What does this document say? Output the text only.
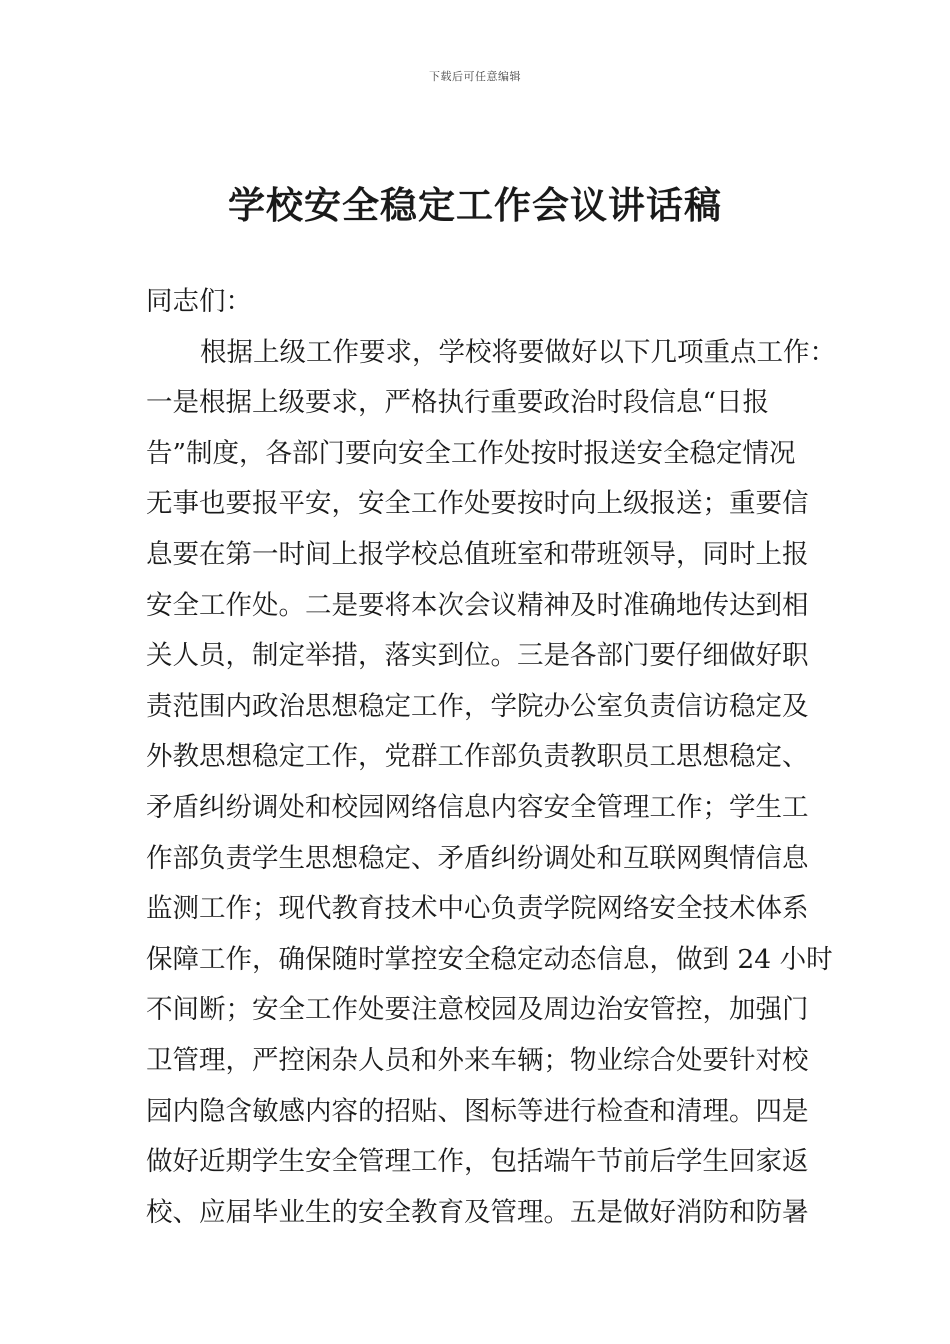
下载后可任意编辑
学校安全稳定工作会议讲话稿
同志们：
根据上级工作要求，学校将要做好以下几项重点工作：
一是根据上级要求，严格执行重要政治时段信息“日报
告”制度，各部门要向安全工作处按时报送安全稳定情况
无事也要报平安，安全工作处要按时向上级报送；重要信
息要在第一时间上报学校总值班室和带班领导，同时上报
安全工作处。二是要将本次会议精神及时准确地传达到相
关人员，制定举措，落实到位。三是各部门要仔细做好职
责范围内政治思想稳定工作，学院办公室负责信访稳定及
外教思想稳定工作，党群工作部负责教职员工思想稳定、
矛盾纠纷调处和校园网络信息内容安全管理工作；学生工
作部负责学生思想稳定、矛盾纠纷调处和互联网舆情信息
监测工作；现代教育技术中心负责学院网络安全技术体系
保障工作，确保随时掌控安全稳定动态信息，做到 24 小时
不间断；安全工作处要注意校园及周边治安管控，加强门
卫管理，严控闲杂人员和外来车辆；物业综合处要针对校
园内隐含敏感内容的招贴、图标等进行检查和清理。四是
做好近期学生安全管理工作，包括端午节前后学生回家返
校、应届毕业生的安全教育及管理。五是做好消防和防暑
